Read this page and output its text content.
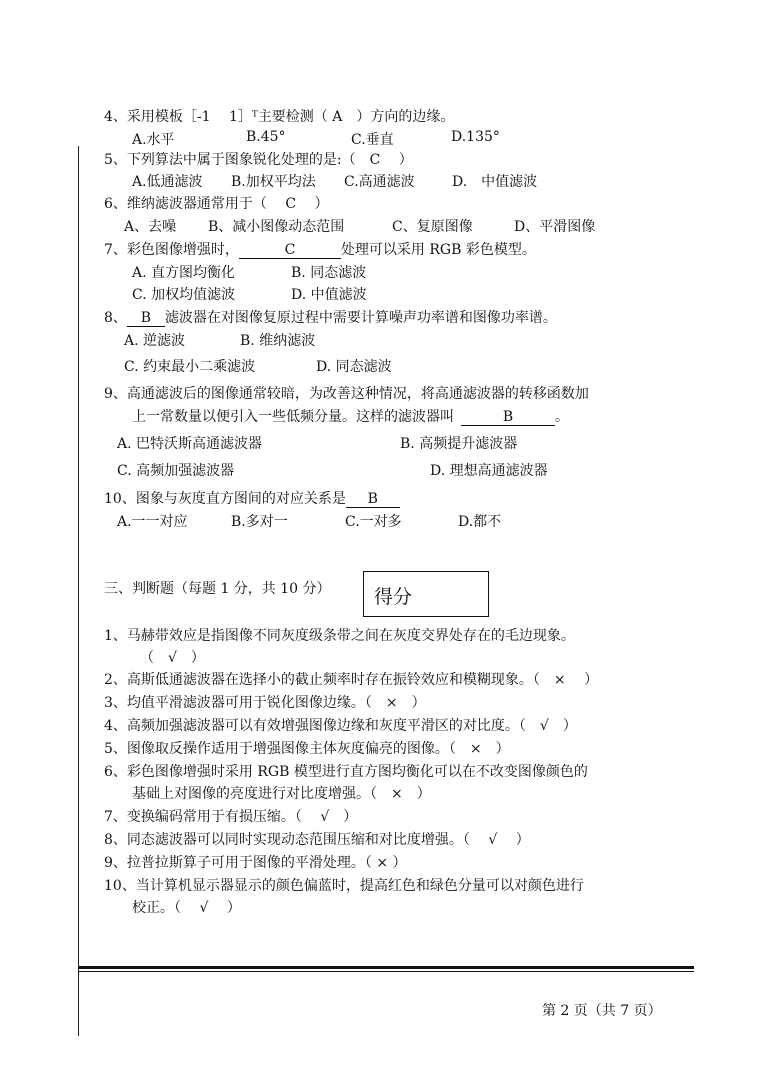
4、采用模板［-1　 1］ᵀ主要检测（ A　）方向的边缘。
A.水平	B.45°	C.垂直	D.135°
5、下列算法中属于图象锐化处理的是:（　C　 ）
A.低通滤波 B.加权平均法 C.高通滤波	D.　中值滤波
6、维纳滤波器通常用于（　 C　 ）
A、去噪 B、减小图像动态范围	C、复原图像	D、平滑图像
7、彩色图像增强时，	C	处理可以采用 RGB 彩色模型。
A. 直方图均衡化	B. 同态滤波
C. 加权均值滤波	D. 中值滤波
8、 B 滤波器在对图像复原过程中需要计算噪声功率谱和图像功率谱。
A. 逆滤波	B. 维纳滤波
C. 约束最小二乘滤波	D. 同态滤波
9、高通滤波后的图像通常较暗，为改善这种情况，将高通滤波器的转移函数加
上一常数量以便引入一些低频分量。这样的滤波器叫	B	。
A. 巴特沃斯高通滤波器	B. 高频提升滤波器
C. 高频加强滤波器	D. 理想高通滤波器
10、图象与灰度直方图间的对应关系是 B
A.一一对应	B.多对一	C.一对多	D.都不
三、判断题（每题 1 分，共 10 分） 得分
1、马赫带效应是指图像不同灰度级条带之间在灰度交界处存在的毛边现象。
（　√　）
2、高斯低通滤波器在选择小的截止频率时存在振铃效应和模糊现象。（　×　 ）
3、均值平滑滤波器可用于锐化图像边缘。（　×　）
4、高频加强滤波器可以有效增强图像边缘和灰度平滑区的对比度。（　√　）
5、图像取反操作适用于增强图像主体灰度偏亮的图像。（　×　）
6、彩色图像增强时采用 RGB 模型进行直方图均衡化可以在不改变图像颜色的
基础上对图像的亮度进行对比度增强。（　×　）
7、变换编码常用于有损压缩。（　 √　）
8、同态滤波器可以同时实现动态范围压缩和对比度增强。（　 √　 ）
9、拉普拉斯算子可用于图像的平滑处理。（ × ）
10、当计算机显示器显示的颜色偏蓝时，提高红色和绿色分量可以对颜色进行
校正。（　 √　 ）
第 2 页（共 7 页）
